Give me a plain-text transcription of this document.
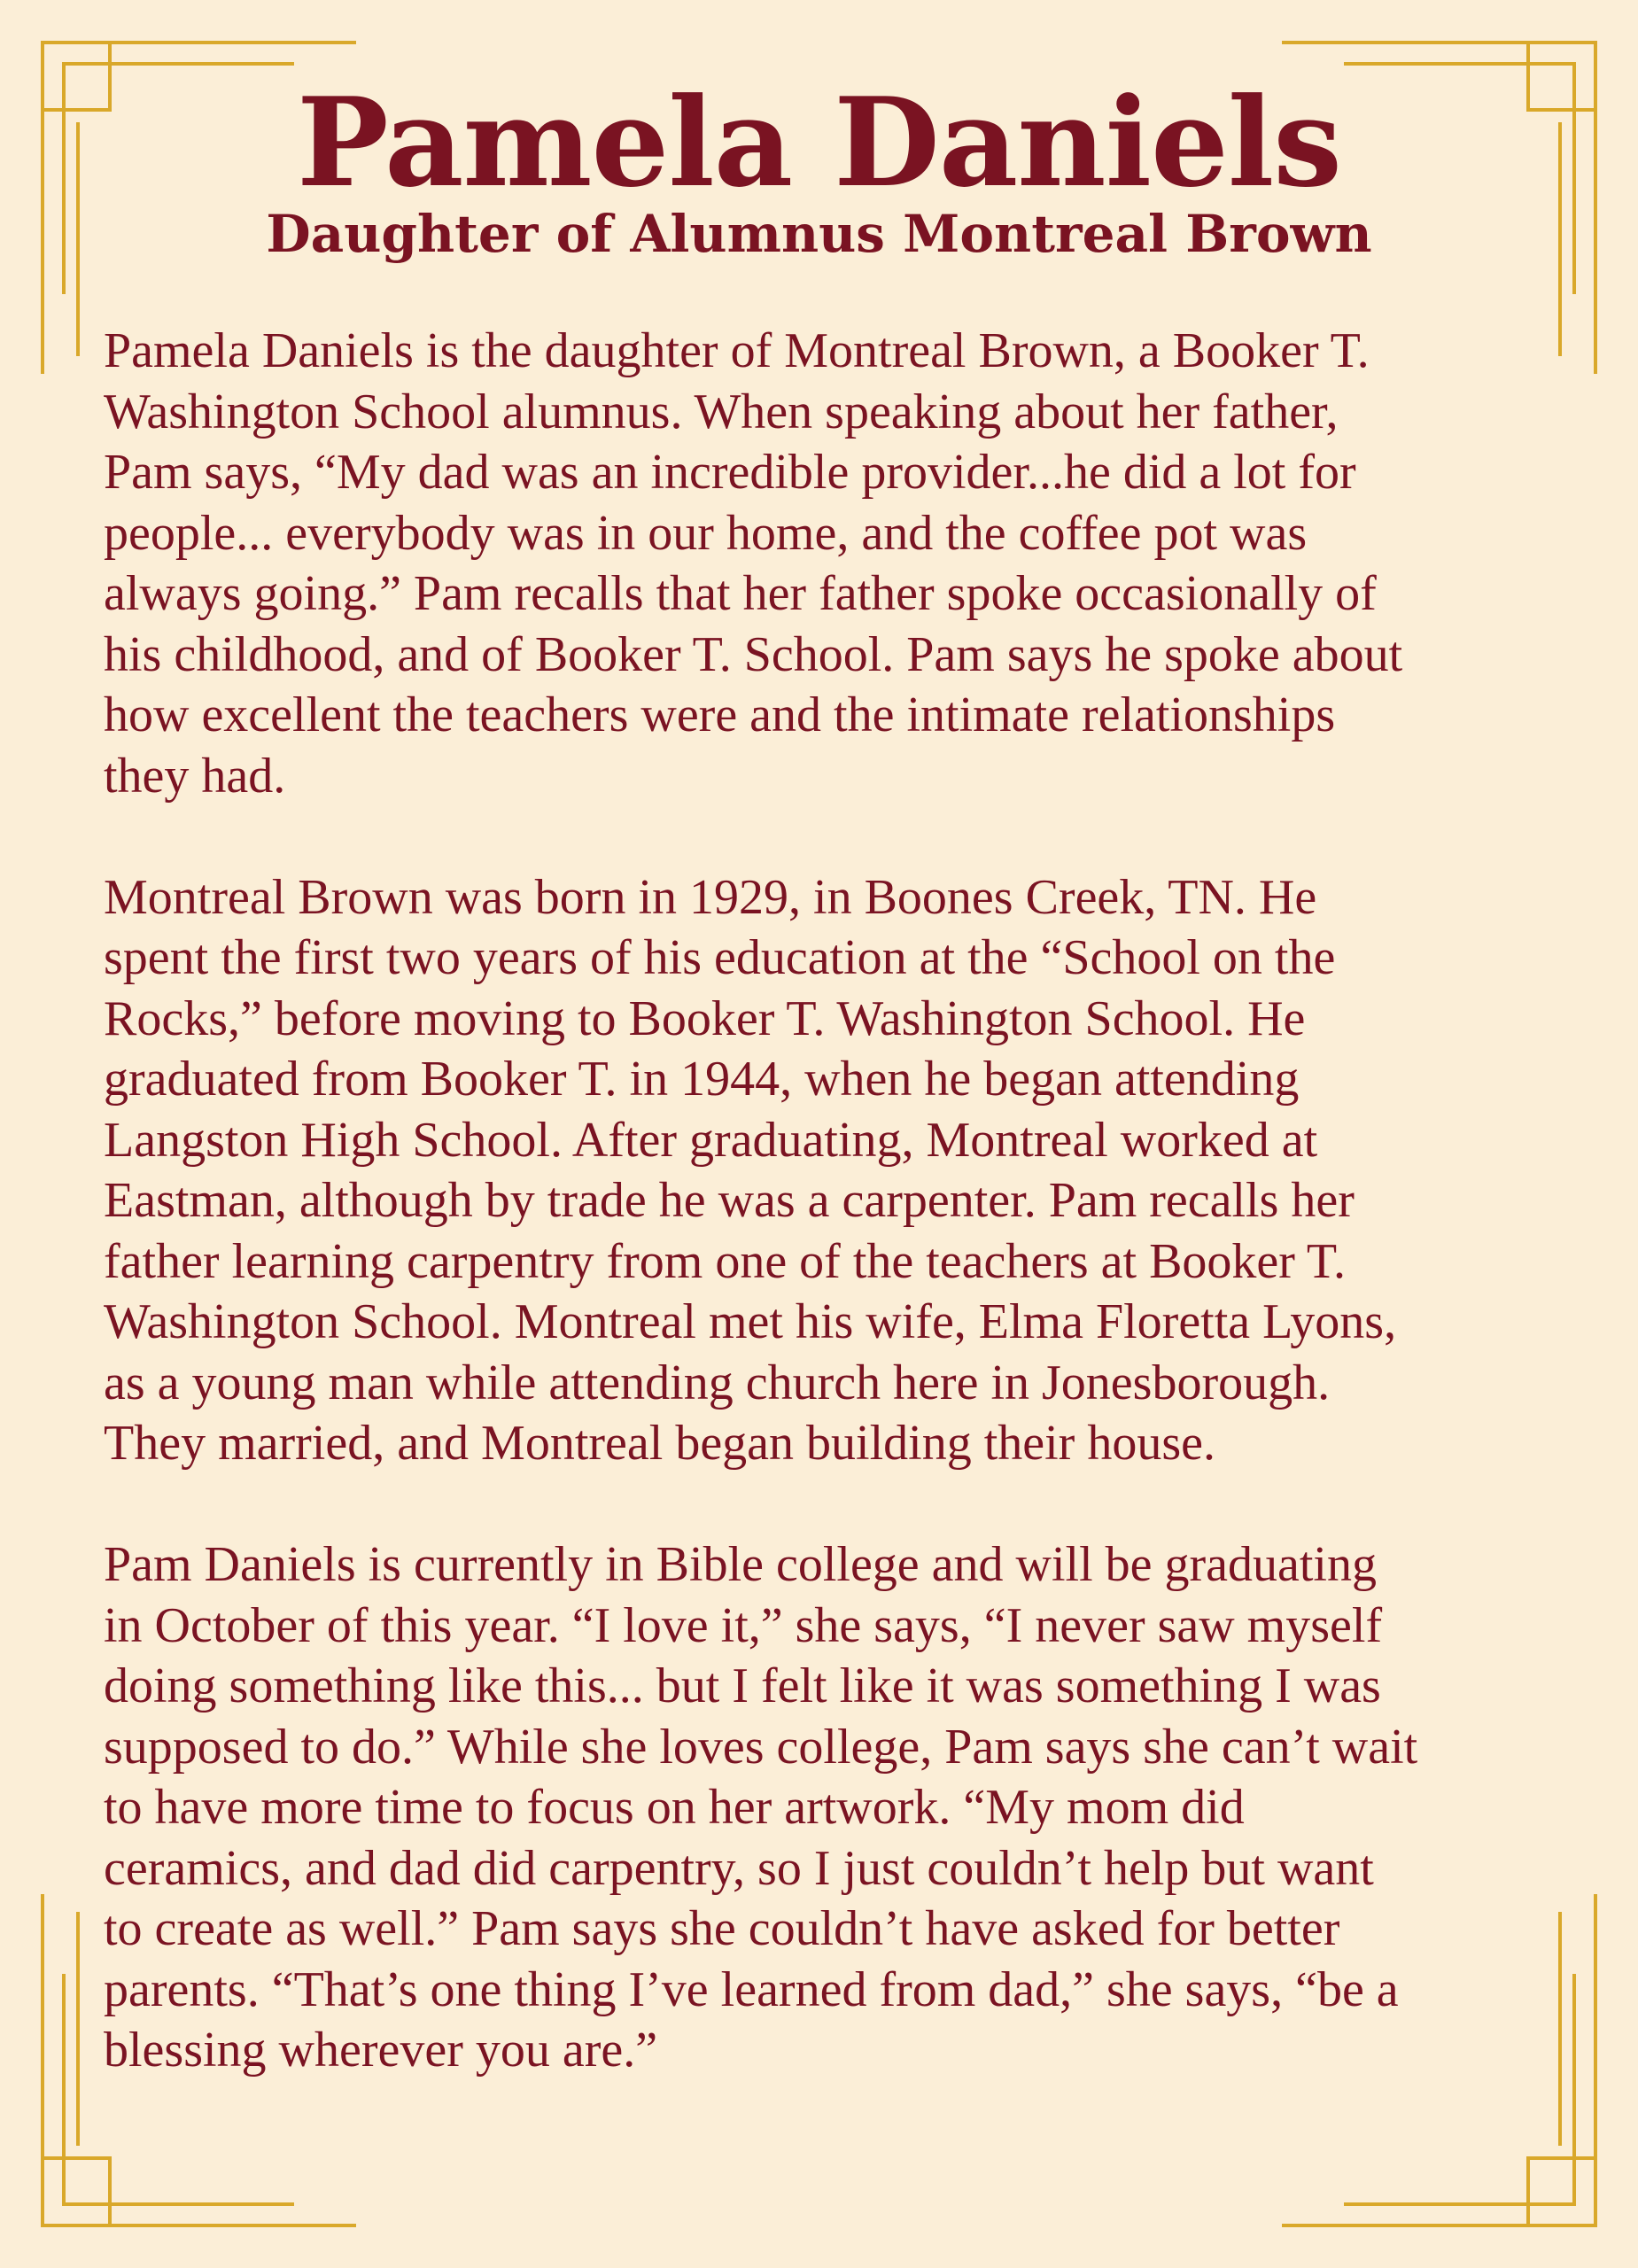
Pamela Daniels
Daughter of Alumnus Montreal Brown

Pamela Daniels is the daughter of Montreal Brown, a Booker T.
Washington School alumnus. When speaking about her father,
Pam says, “My dad was an incredible provider...he did a lot for
people... everybody was in our home, and the coffee pot was
always going.” Pam recalls that her father spoke occasionally of
his childhood, and of Booker T. School. Pam says he spoke about
how excellent the teachers were and the intimate relationships
they had.

Montreal Brown was born in 1929, in Boones Creek, TN. He
spent the first two years of his education at the “School on the
Rocks,” before moving to Booker T. Washington School. He
graduated from Booker T. in 1944, when he began attending
Langston High School. After graduating, Montreal worked at
Eastman, although by trade he was a carpenter. Pam recalls her
father learning carpentry from one of the teachers at Booker T.
Washington School. Montreal met his wife, Elma Floretta Lyons,
as a young man while attending church here in Jonesborough.
They married, and Montreal began building their house.

Pam Daniels is currently in Bible college and will be graduating
in October of this year. “I love it,” she says, “I never saw myself
doing something like this... but I felt like it was something I was
supposed to do.” While she loves college, Pam says she can’t wait
to have more time to focus on her artwork. “My mom did
ceramics, and dad did carpentry, so I just couldn’t help but want
to create as well.” Pam says she couldn’t have asked for better
parents. “That’s one thing I’ve learned from dad,” she says, “be a
blessing wherever you are.”
